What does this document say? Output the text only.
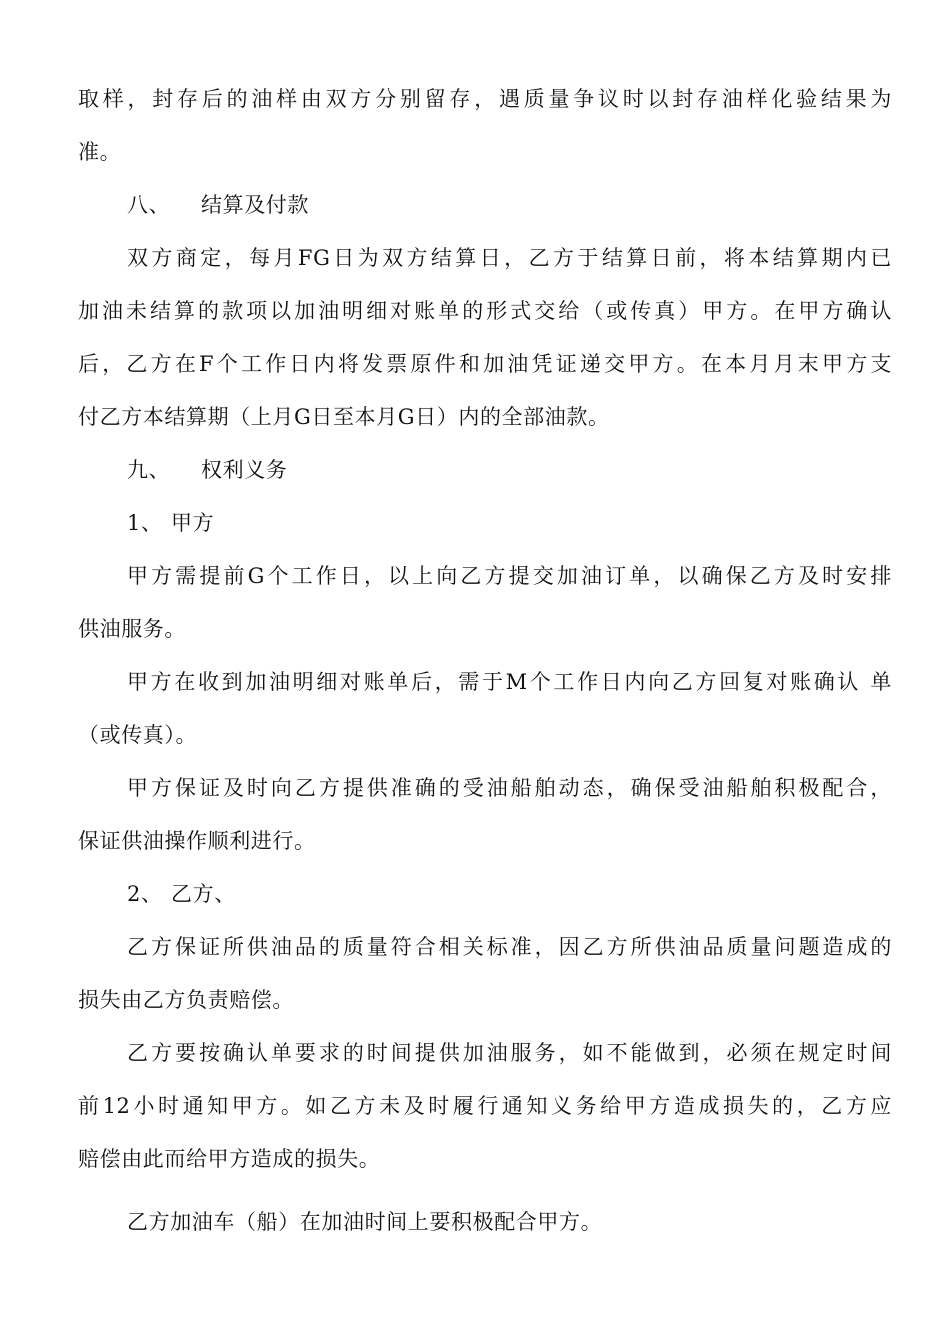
取样，封存后的油样由双方分别留存，遇质量争议时以封存油样化验结果为
准。
八、 结算及付款
双方商定，每月FG日为双方结算日，乙方于结算日前，将本结算期内已
加油未结算的款项以加油明细对账单的形式交给（或传真）甲方。在甲方确认
后，乙方在F个工作日内将发票原件和加油凭证递交甲方。在本月月末甲方支
付乙方本结算期（上月G日至本月G日）内的全部油款。
九、 权利义务
1、 甲方
甲方需提前G个工作日，以上向乙方提交加油订单，以确保乙方及时安排
供油服务。
甲方在收到加油明细对账单后，需于M个工作日内向乙方回复对账确认 单
（或传真）。
甲方保证及时向乙方提供准确的受油船舶动态，确保受油船舶积极配合，
保证供油操作顺利进行。
2、 乙方、
乙方保证所供油品的质量符合相关标准，因乙方所供油品质量问题造成的
损失由乙方负责赔偿。
乙方要按确认单要求的时间提供加油服务，如不能做到，必须在规定时间
前12小时通知甲方。如乙方未及时履行通知义务给甲方造成损失的，乙方应
赔偿由此而给甲方造成的损失。
乙方加油车（船）在加油时间上要积极配合甲方。
